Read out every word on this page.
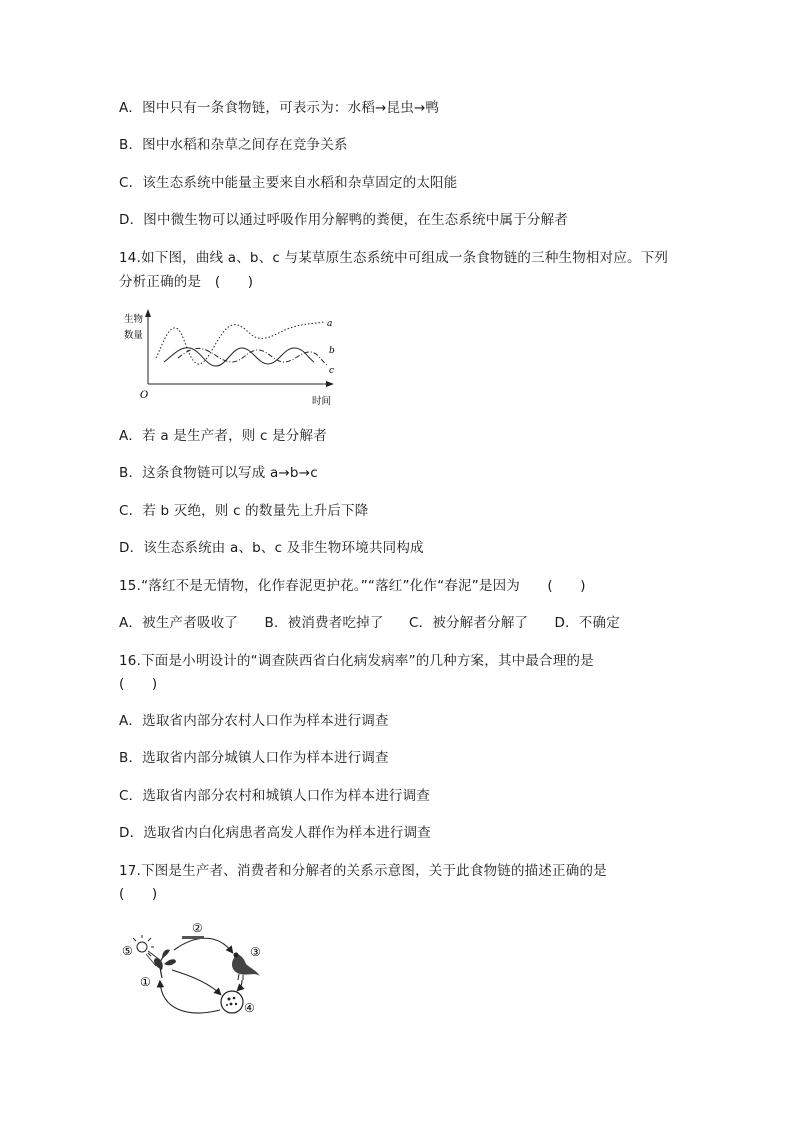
A．图中只有一条食物链，可表示为：水稻→昆虫→鸭
B．图中水稻和杂草之间存在竞争关系
C．该生态系统中能量主要来自水稻和杂草固定的太阳能
D．图中微生物可以通过呼吸作用分解鸭的粪便，在生态系统中属于分解者
14.如下图，曲线 a、b、c 与某草原生态系统中可组成一条食物链的三种生物相对应。下列
分析正确的是　(　　)
生物
数量
O
时间
a
b
c
A．若 a 是生产者，则 c 是分解者
B．这条食物链可以写成 a→b→c
C．若 b 灭绝，则 c 的数量先上升后下降
D．该生态系统由 a、b、c 及非生物环境共同构成
15.“落红不是无情物，化作春泥更护花。”“落红”化作“春泥”是因为　　(　　)
A．被生产者吸收了 B．被消费者吃掉了 C．被分解者分解了 D．不确定
16.下面是小明设计的“调查陕西省白化病发病率”的几种方案，其中最合理的是
(　　)
A．选取省内部分农村人口作为样本进行调查
B．选取省内部分城镇人口作为样本进行调查
C．选取省内部分农村和城镇人口作为样本进行调查
D．选取省内白化病患者高发人群作为样本进行调查
17.下图是生产者、消费者和分解者的关系示意图，关于此食物链的描述正确的是
(　　)
⑤
②
③
①
④
